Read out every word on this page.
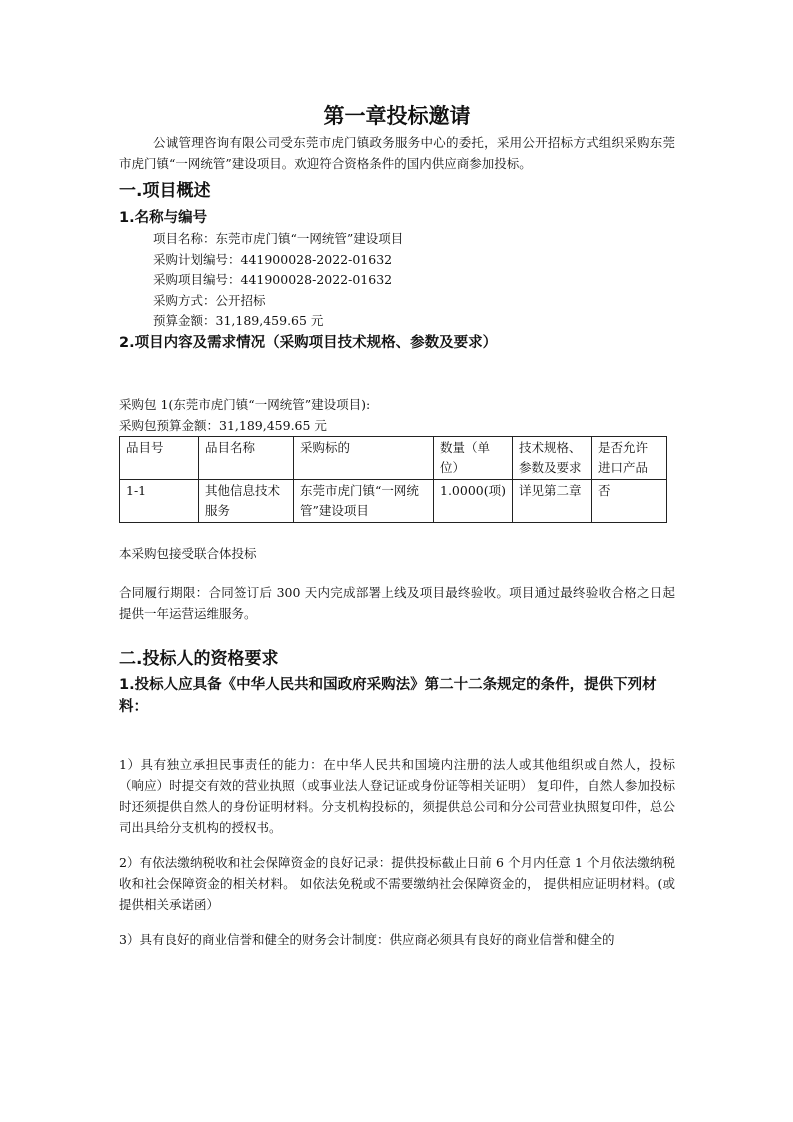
第一章投标邀请

公诚管理咨询有限公司受东莞市虎门镇政务服务中心的委托，采用公开招标方式组织采购东莞市虎门镇“一网统管”建设项目。欢迎符合资格条件的国内供应商参加投标。

一.项目概述
1.名称与编号

项目名称：东莞市虎门镇“一网统管”建设项目

采购计划编号：441900028-2022-01632

采购项目编号：441900028-2022-01632

采购方式：公开招标

预算金额：31,189,459.65 元

2.项目内容及需求情况（采购项目技术规格、参数及要求）

采购包 1(东莞市虎门镇“一网统管”建设项目):

采购包预算金额：31,189,459.65 元

品目号	品目名称	采购标的	数量（单位）	技术规格、参数及要求	是否允许进口产品
1-1	其他信息技术服务	东莞市虎门镇“一网统管”建设项目	1.0000(项)	详见第二章	否

本采购包接受联合体投标

合同履行期限：合同签订后 300 天内完成部署上线及项目最终验收。项目通过最终验收合格之日起提供一年运营运维服务。

二.投标人的资格要求
1.投标人应具备《中华人民共和国政府采购法》第二十二条规定的条件，提供下列材料：

1）具有独立承担民事责任的能力：在中华人民共和国境内注册的法人或其他组织或自然人，投标（响应）时提交有效的营业执照（或事业法人登记证或身份证等相关证明） 复印件，自然人参加投标时还须提供自然人的身份证明材料。分支机构投标的，须提供总公司和分公司营业执照复印件，总公司出具给分支机构的授权书。

2）有依法缴纳税收和社会保障资金的良好记录：提供投标截止日前 6 个月内任意 1 个月依法缴纳税收和社会保障资金的相关材料。 如依法免税或不需要缴纳社会保障资金的， 提供相应证明材料。(或提供相关承诺函）

3）具有良好的商业信誉和健全的财务会计制度：供应商必须具有良好的商业信誉和健全的
